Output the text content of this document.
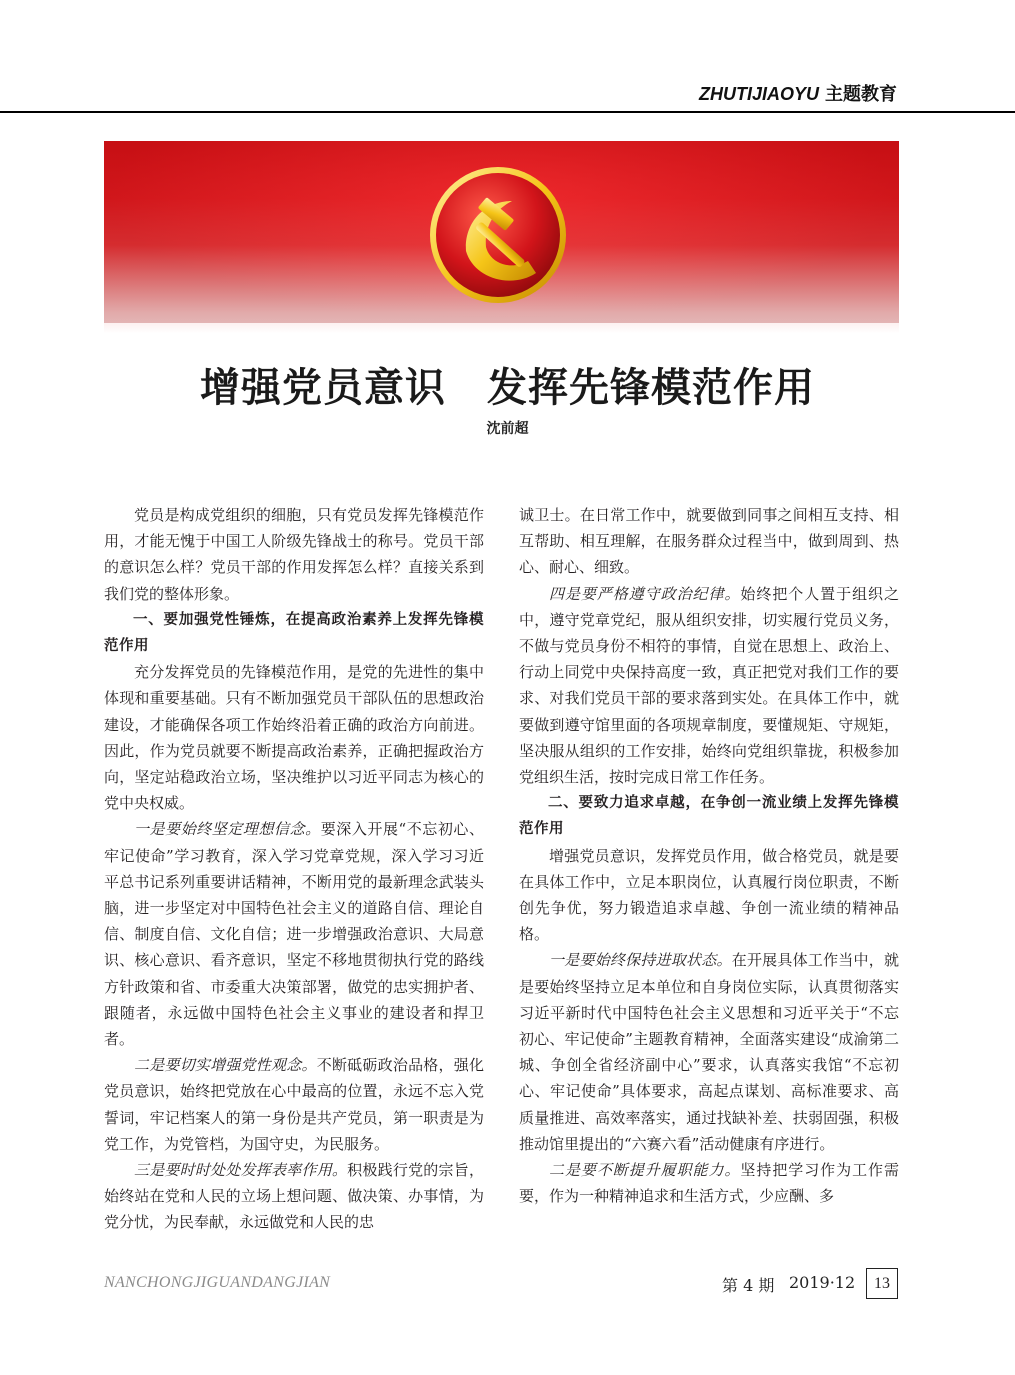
ZHUTIJIAOYU 主题教育
增强党员意识　发挥先锋模范作用
沈前超

党员是构成党组织的细胞，只有党员发挥先锋模范作用，才能无愧于中国工人阶级先锋战士的称号。党员干部的意识怎么样？党员干部的作用发挥怎么样？直接关系到我们党的整体形象。

一、要加强党性锤炼，在提高政治素养上发挥先锋模范作用

充分发挥党员的先锋模范作用，是党的先进性的集中体现和重要基础。只有不断加强党员干部队伍的思想政治建设，才能确保各项工作始终沿着正确的政治方向前进。因此，作为党员就要不断提高政治素养，正确把握政治方向，坚定站稳政治立场，坚决维护以习近平同志为核心的党中央权威。

一是要始终坚定理想信念。要深入开展“不忘初心、牢记使命”学习教育，深入学习党章党规，深入学习习近平总书记系列重要讲话精神，不断用党的最新理念武装头脑，进一步坚定对中国特色社会主义的道路自信、理论自信、制度自信、文化自信；进一步增强政治意识、大局意识、核心意识、看齐意识，坚定不移地贯彻执行党的路线方针政策和省、市委重大决策部署，做党的忠实拥护者、跟随者，永远做中国特色社会主义事业的建设者和捍卫者。

二是要切实增强党性观念。不断砥砺政治品格，强化党员意识，始终把党放在心中最高的位置，永远不忘入党誓词，牢记档案人的第一身份是共产党员，第一职责是为党工作，为党管档，为国守史，为民服务。

三是要时时处处发挥表率作用。积极践行党的宗旨，始终站在党和人民的立场上想问题、做决策、办事情，为党分忧，为民奉献，永远做党和人民的忠

诚卫士。在日常工作中，就要做到同事之间相互支持、相互帮助、相互理解，在服务群众过程当中，做到周到、热心、耐心、细致。

四是要严格遵守政治纪律。始终把个人置于组织之中，遵守党章党纪，服从组织安排，切实履行党员义务，不做与党员身份不相符的事情，自觉在思想上、政治上、行动上同党中央保持高度一致，真正把党对我们工作的要求、对我们党员干部的要求落到实处。在具体工作中，就要做到遵守馆里面的各项规章制度，要懂规矩、守规矩，坚决服从组织的工作安排，始终向党组织靠拢，积极参加党组织生活，按时完成日常工作任务。

二、要致力追求卓越，在争创一流业绩上发挥先锋模范作用

增强党员意识，发挥党员作用，做合格党员，就是要在具体工作中，立足本职岗位，认真履行岗位职责，不断创先争优，努力锻造追求卓越、争创一流业绩的精神品格。

一是要始终保持进取状态。在开展具体工作当中，就是要始终坚持立足本单位和自身岗位实际，认真贯彻落实习近平新时代中国特色社会主义思想和习近平关于“不忘初心、牢记使命”主题教育精神，全面落实建设“成渝第二城、争创全省经济副中心”要求，认真落实我馆“不忘初心、牢记使命”具体要求，高起点谋划、高标准要求、高质量推进、高效率落实，通过找缺补差、扶弱固强，积极推动馆里提出的“六赛六看”活动健康有序进行。

二是要不断提升履职能力。坚持把学习作为工作需要，作为一种精神追求和生活方式，少应酬、多

NANCHONGJIGUANDANGJIAN	第 4 期 2019·12	13
